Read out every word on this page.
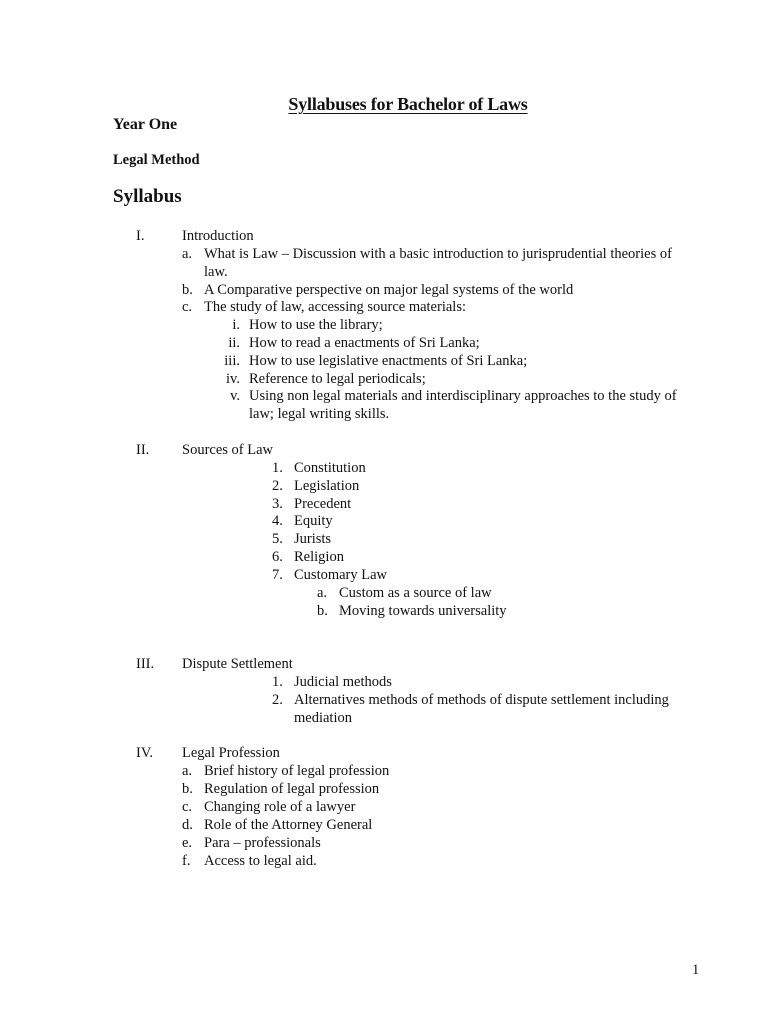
Syllabuses for Bachelor of Laws
Year One
Legal Method
Syllabus
I.	Introduction
a. What is Law – Discussion with a basic introduction to jurisprudential theories of
law.
b. A Comparative perspective on major legal systems of the world
c. The study of law, accessing source materials:
i. How to use the library;
ii. How to read a enactments of Sri Lanka;
iii. How to use legislative enactments of Sri Lanka;
iv. Reference to legal periodicals;
v. Using non legal materials and interdisciplinary approaches to the study of
law; legal writing skills.
II. Sources of Law
1. Constitution
2. Legislation
3. Precedent
4. Equity
5. Jurists
6. Religion
7. Customary Law
a. Custom as a source of law
b. Moving towards universality
III. Dispute Settlement
1. Judicial methods
2. Alternatives methods of methods of dispute settlement including
mediation
IV. Legal Profession
a. Brief history of legal profession
b. Regulation of legal profession
c. Changing role of a lawyer
d. Role of the Attorney General
e. Para – professionals
f. Access to legal aid.
1
